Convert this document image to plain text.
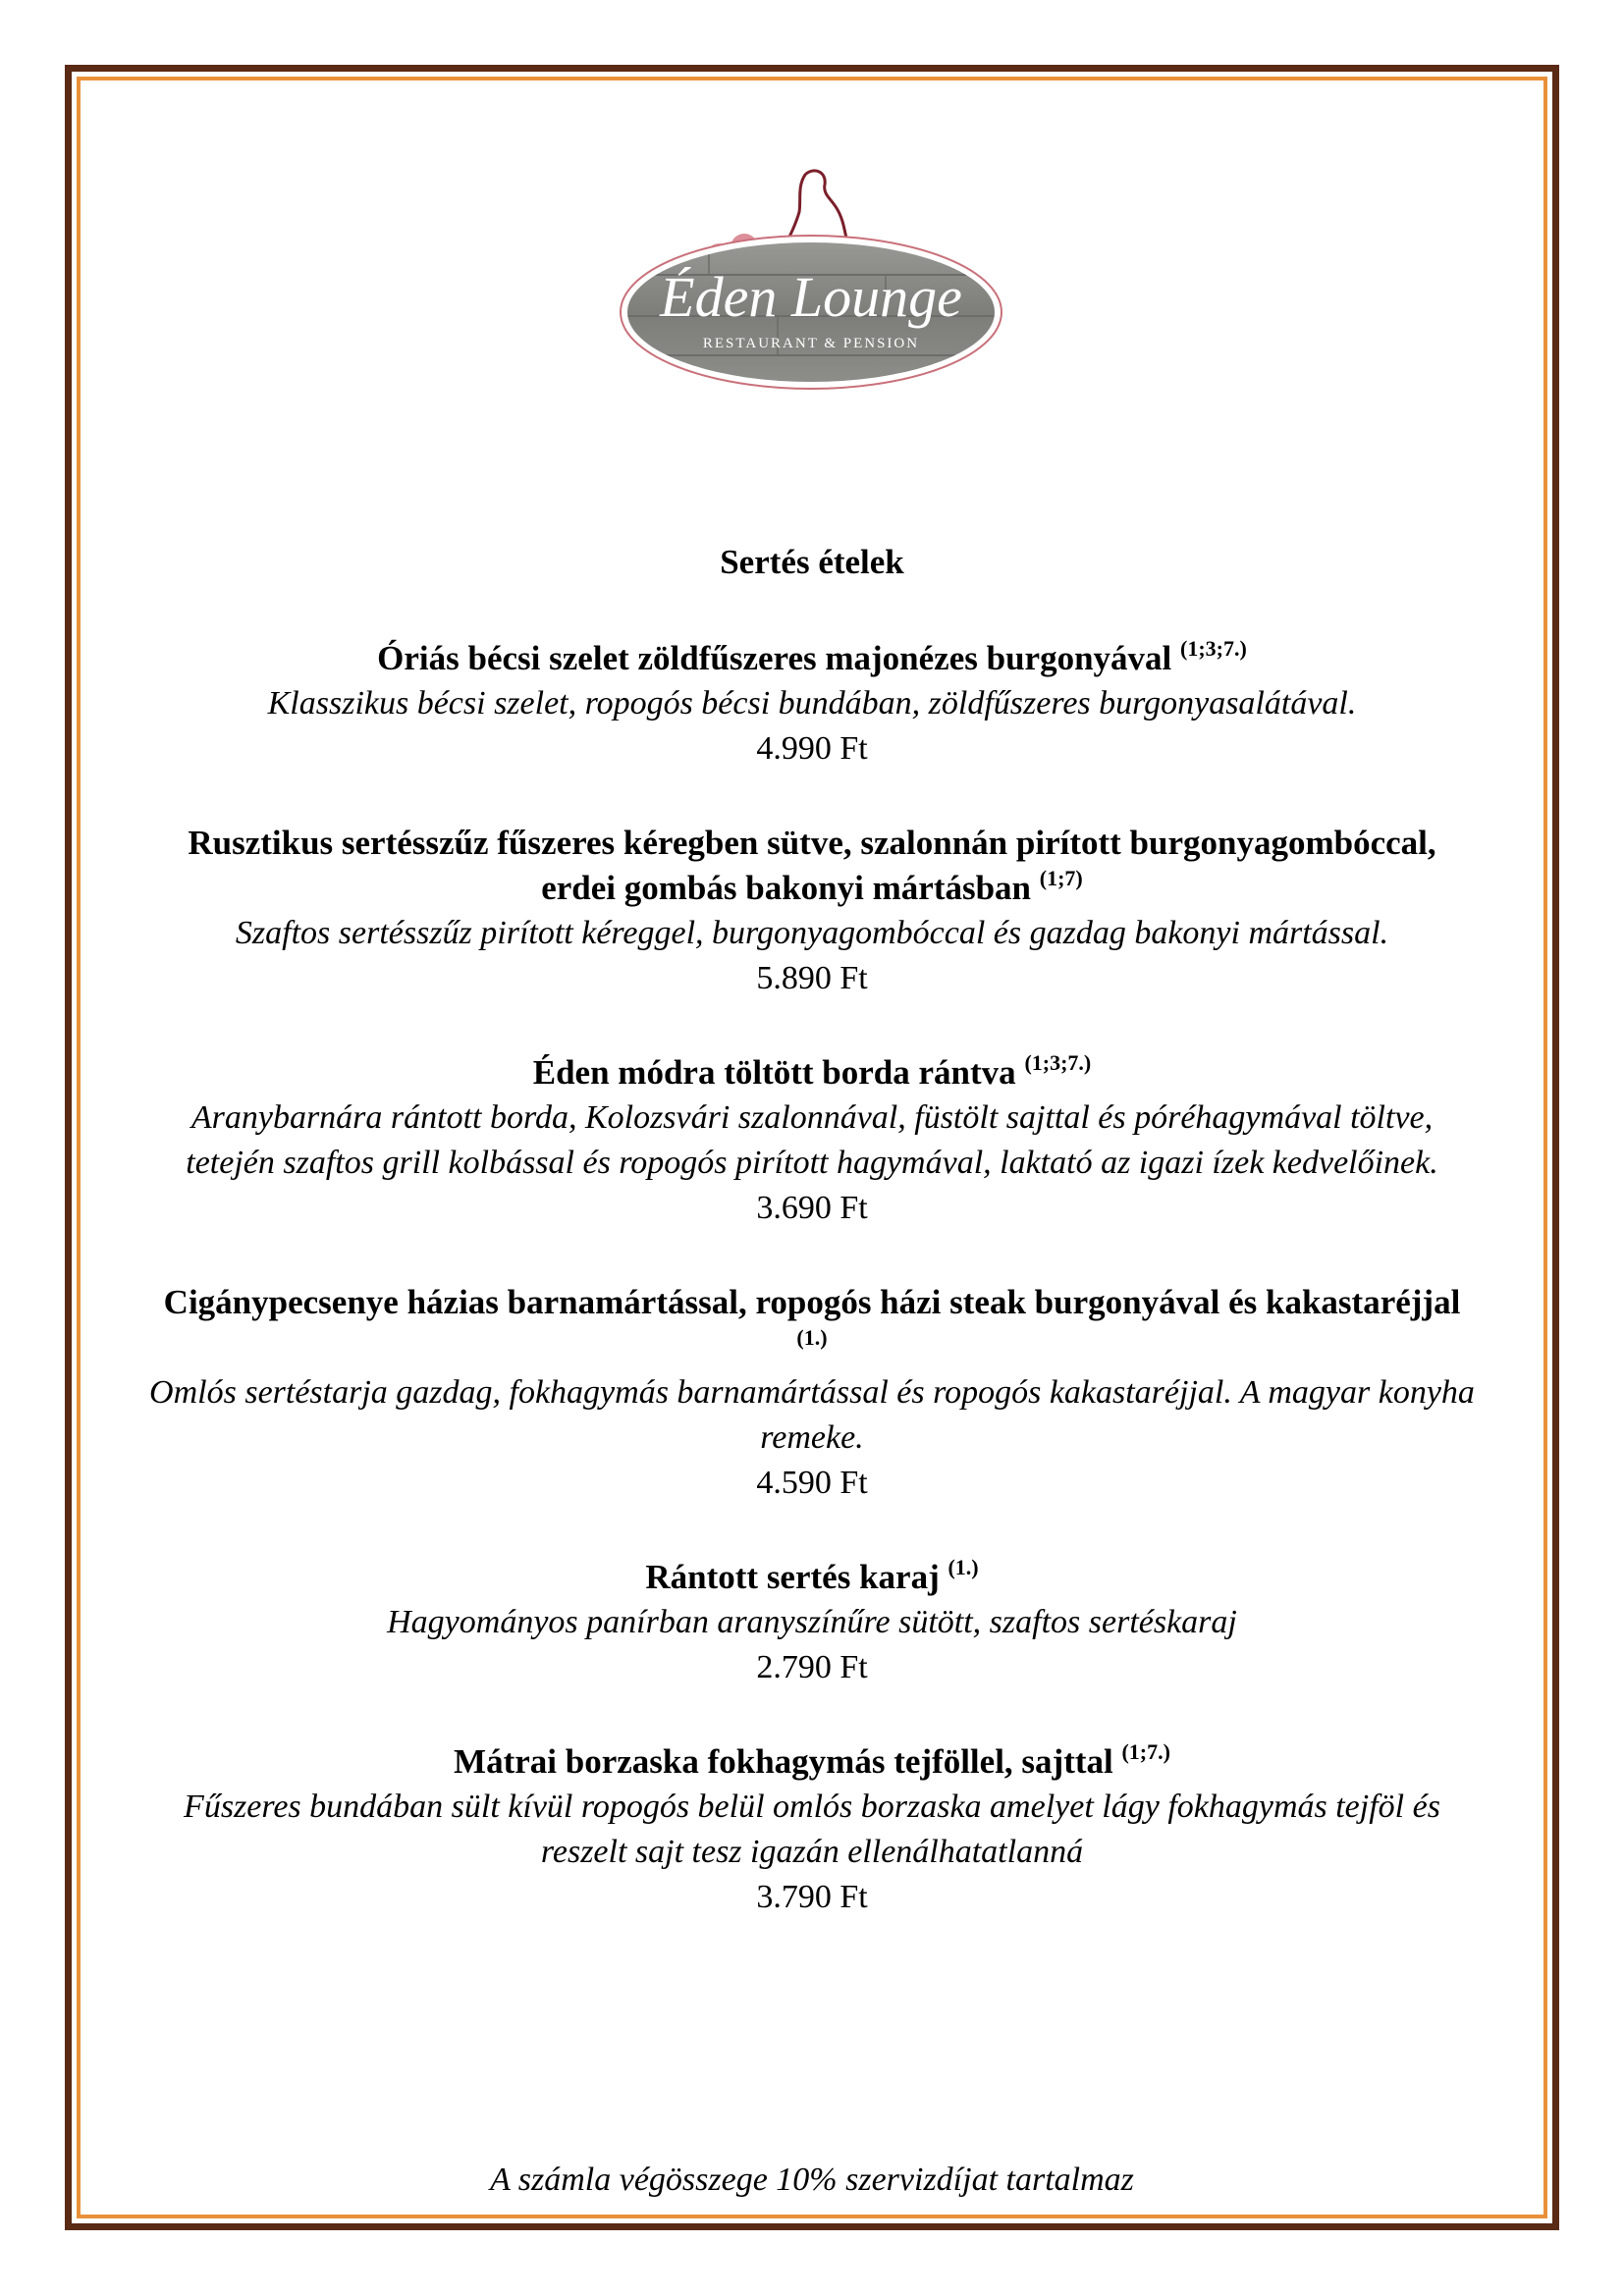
Éden Lounge
RESTAURANT & PENSION
Sertés ételek
Óriás bécsi szelet zöldfűszeres majonézes burgonyával $^{(1;3;7.)}$
Klasszikus bécsi szelet, ropogós bécsi bundában, zöldfűszeres burgonyasalátával.
4.990 Ft
Rusztikus sertésszűz fűszeres kéregben sütve, szalonnán pirított burgonyagombóccal, erdei gombás bakonyi mártásban $^{(1;7)}$
Szaftos sertésszűz pirított kéreggel, burgonyagombóccal és gazdag bakonyi mártással.
5.890 Ft
Éden módra töltött borda rántva $^{(1;3;7.)}$
Aranybarnára rántott borda, Kolozsvári szalonnával, füstölt sajttal és póréhagymával töltve, tetején szaftos grill kolbással és ropogós pirított hagymával, laktató az igazi ízek kedvelőinek.
3.690 Ft
Cigánypecsenye házias barnamártással, ropogós házi steak burgonyával és kakastaréjjal $^{(1.)}$
Omlós sertéstarja gazdag, fokhagymás barnamártással és ropogós kakastaréjjal. A magyar konyha remeke.
4.590 Ft
Rántott sertés karaj $^{(1.)}$
Hagyományos panírban aranyszínűre sütött, szaftos sertéskaraj
2.790 Ft
Mátrai borzaska fokhagymás tejföllel, sajttal $^{(1;7.)}$
Fűszeres bundában sült kívül ropogós belül omlós borzaska amelyet lágy fokhagymás tejföl és reszelt sajt tesz igazán ellenálhatatlanná
3.790 Ft
A számla végösszege 10% szervizdíjat tartalmaz
